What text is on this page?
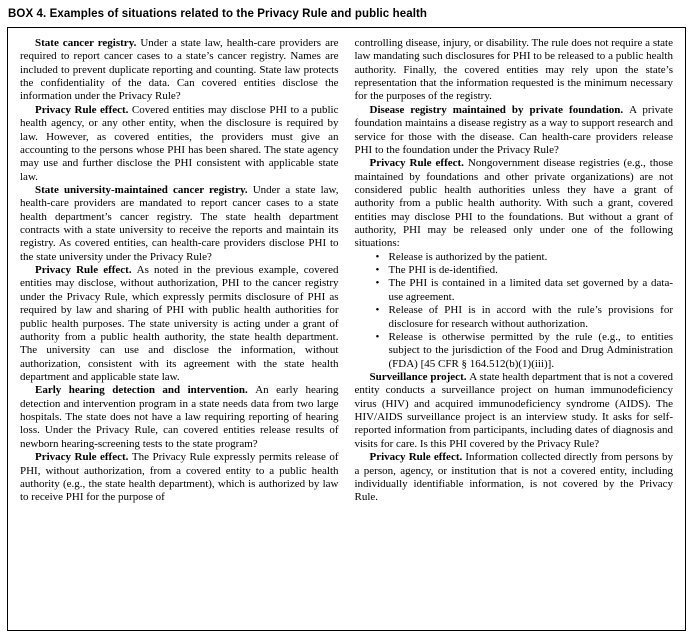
BOX 4. Examples of situations related to the Privacy Rule and public health

State cancer registry. Under a state law, health-care providers are required to report cancer cases to a state’s cancer registry. Names are included to prevent duplicate reporting and counting. State law protects the confidentiality of the data. Can covered entities disclose the information under the Privacy Rule?

Privacy Rule effect. Covered entities may disclose PHI to a public health agency, or any other entity, when the disclosure is required by law. However, as covered entities, the providers must give an accounting to the persons whose PHI has been shared. The state agency may use and further disclose the PHI consistent with applicable state law.

State university-maintained cancer registry. Under a state law, health-care providers are mandated to report cancer cases to a state health department’s cancer registry. The state health department contracts with a state university to receive the reports and maintain its registry. As covered entities, can health-care providers disclose PHI to the state university under the Privacy Rule?

Privacy Rule effect. As noted in the previous example, covered entities may disclose, without authorization, PHI to the cancer registry under the Privacy Rule, which expressly permits disclosure of PHI as required by law and sharing of PHI with public health authorities for public health purposes. The state university is acting under a grant of authority from a public health authority, the state health department. The university can use and disclose the information, without authorization, consistent with its agreement with the state health department and applicable state law.

Early hearing detection and intervention. An early hearing detection and intervention program in a state needs data from two large hospitals. The state does not have a law requiring reporting of hearing loss. Under the Privacy Rule, can covered entities release results of newborn hearing-screening tests to the state program?

Privacy Rule effect. The Privacy Rule expressly permits release of PHI, without authorization, from a covered entity to a public health authority (e.g., the state health department), which is authorized by law to receive PHI for the purpose of

controlling disease, injury, or disability. The rule does not require a state law mandating such disclosures for PHI to be released to a public health authority. Finally, the covered entities may rely upon the state’s representation that the information requested is the minimum necessary for the purposes of the registry.

Disease registry maintained by private foundation. A private foundation maintains a disease registry as a way to support research and service for those with the disease. Can health-care providers release PHI to the foundation under the Privacy Rule?

Privacy Rule effect. Nongovernment disease registries (e.g., those maintained by foundations and other private organizations) are not considered public health authorities unless they have a grant of authority from a public health authority. With such a grant, covered entities may disclose PHI to the foundations. But without a grant of authority, PHI may be released only under one of the following situations:

• Release is authorized by the patient.
• The PHI is de-identified.
• The PHI is contained in a limited data set governed by a data-use agreement.
• Release of PHI is in accord with the rule’s provisions for disclosure for research without authorization.
• Release is otherwise permitted by the rule (e.g., to entities subject to the jurisdiction of the Food and Drug Administration (FDA) [45 CFR § 164.512(b)(1)(iii)].

Surveillance project. A state health department that is not a covered entity conducts a surveillance project on human immunodeficiency virus (HIV) and acquired immunodeficiency syndrome (AIDS). The HIV/AIDS surveillance project is an interview study. It asks for self-reported information from participants, including dates of diagnosis and visits for care. Is this PHI covered by the Privacy Rule?

Privacy Rule effect. Information collected directly from persons by a person, agency, or institution that is not a covered entity, including individually identifiable information, is not covered by the Privacy Rule.
